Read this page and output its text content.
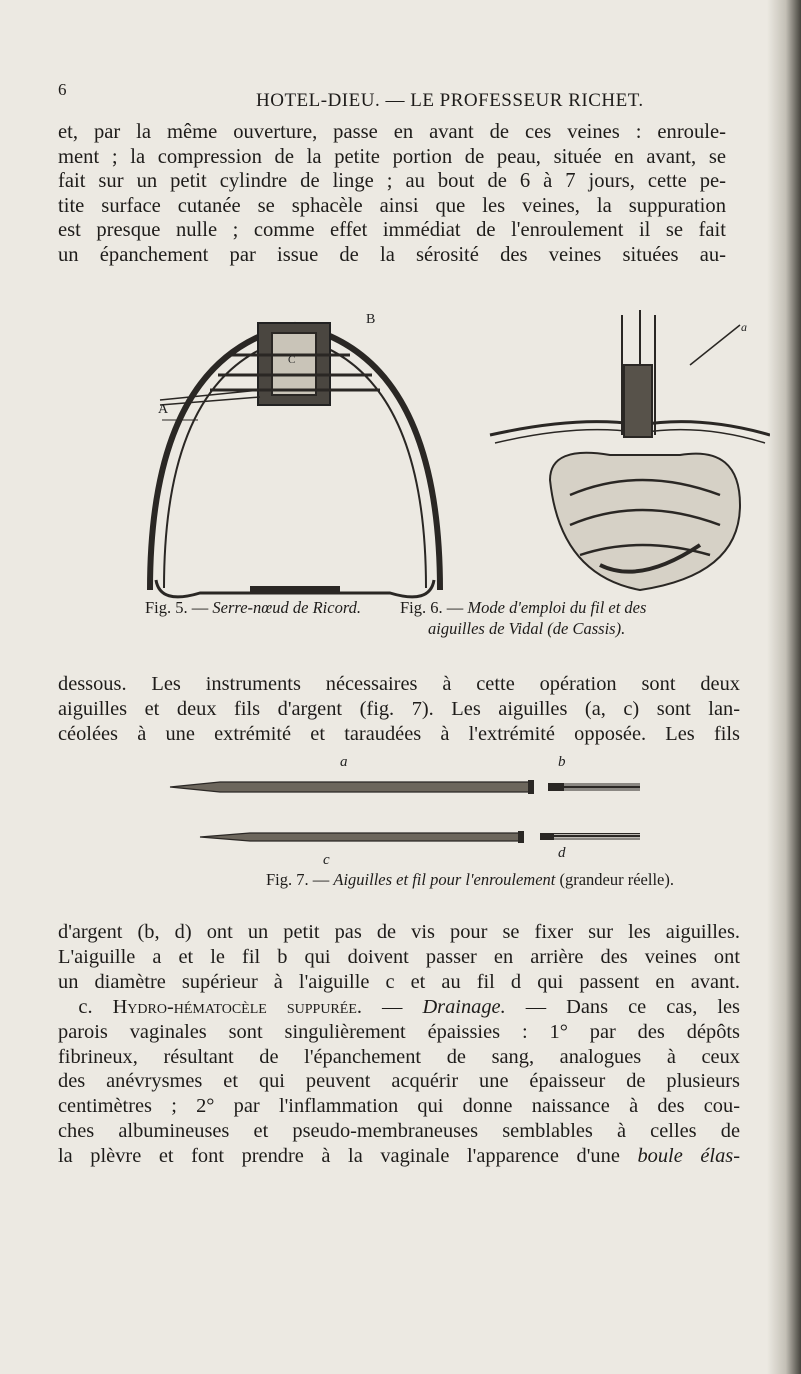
6
HOTEL-DIEU. — LE PROFESSEUR RICHET.
et, par la même ouverture, passe en avant de ces veines : enroule-
ment ; la compression de la petite portion de peau, située en avant, se
fait sur un petit cylindre de linge ; au bout de 6 à 7 jours, cette pe-
tite surface cutanée se sphacèle ainsi que les veines, la suppuration
est presque nulle ; comme effet immédiat de l'enroulement il se fait
un épanchement par issue de la sérosité des veines situées au-
C
B
A
a
Fig. 5. — Serre-nœud de Ricord. Fig. 6. — Mode d'emploi du fil et des
aiguilles de Vidal (de Cassis).
dessous. Les instruments nécessaires à cette opération sont deux
aiguilles et deux fils d'argent (fig. 7). Les aiguilles (a, c) sont lan-
céolées à une extrémité et taraudées à l'extrémité opposée. Les fils
a	b
c	d
Fig. 7. — Aiguilles et fil pour l'enroulement (grandeur réelle).
d'argent (b, d) ont un petit pas de vis pour se fixer sur les aiguilles.
L'aiguille a et le fil b qui doivent passer en arrière des veines ont
un diamètre supérieur à l'aiguille c et au fil d qui passent en avant.
 c. Hydro-hématocèle suppurée. — Drainage. — Dans ce cas, les
parois vaginales sont singulièrement épaissies : 1° par des dépôts
fibrineux, résultant de l'épanchement de sang, analogues à ceux
des anévrysmes et qui peuvent acquérir une épaisseur de plusieurs
centimètres ; 2° par l'inflammation qui donne naissance à des cou-
ches albumineuses et pseudo-membraneuses semblables à celles de
la plèvre et font prendre à la vaginale l'apparence d'une boule élas-
